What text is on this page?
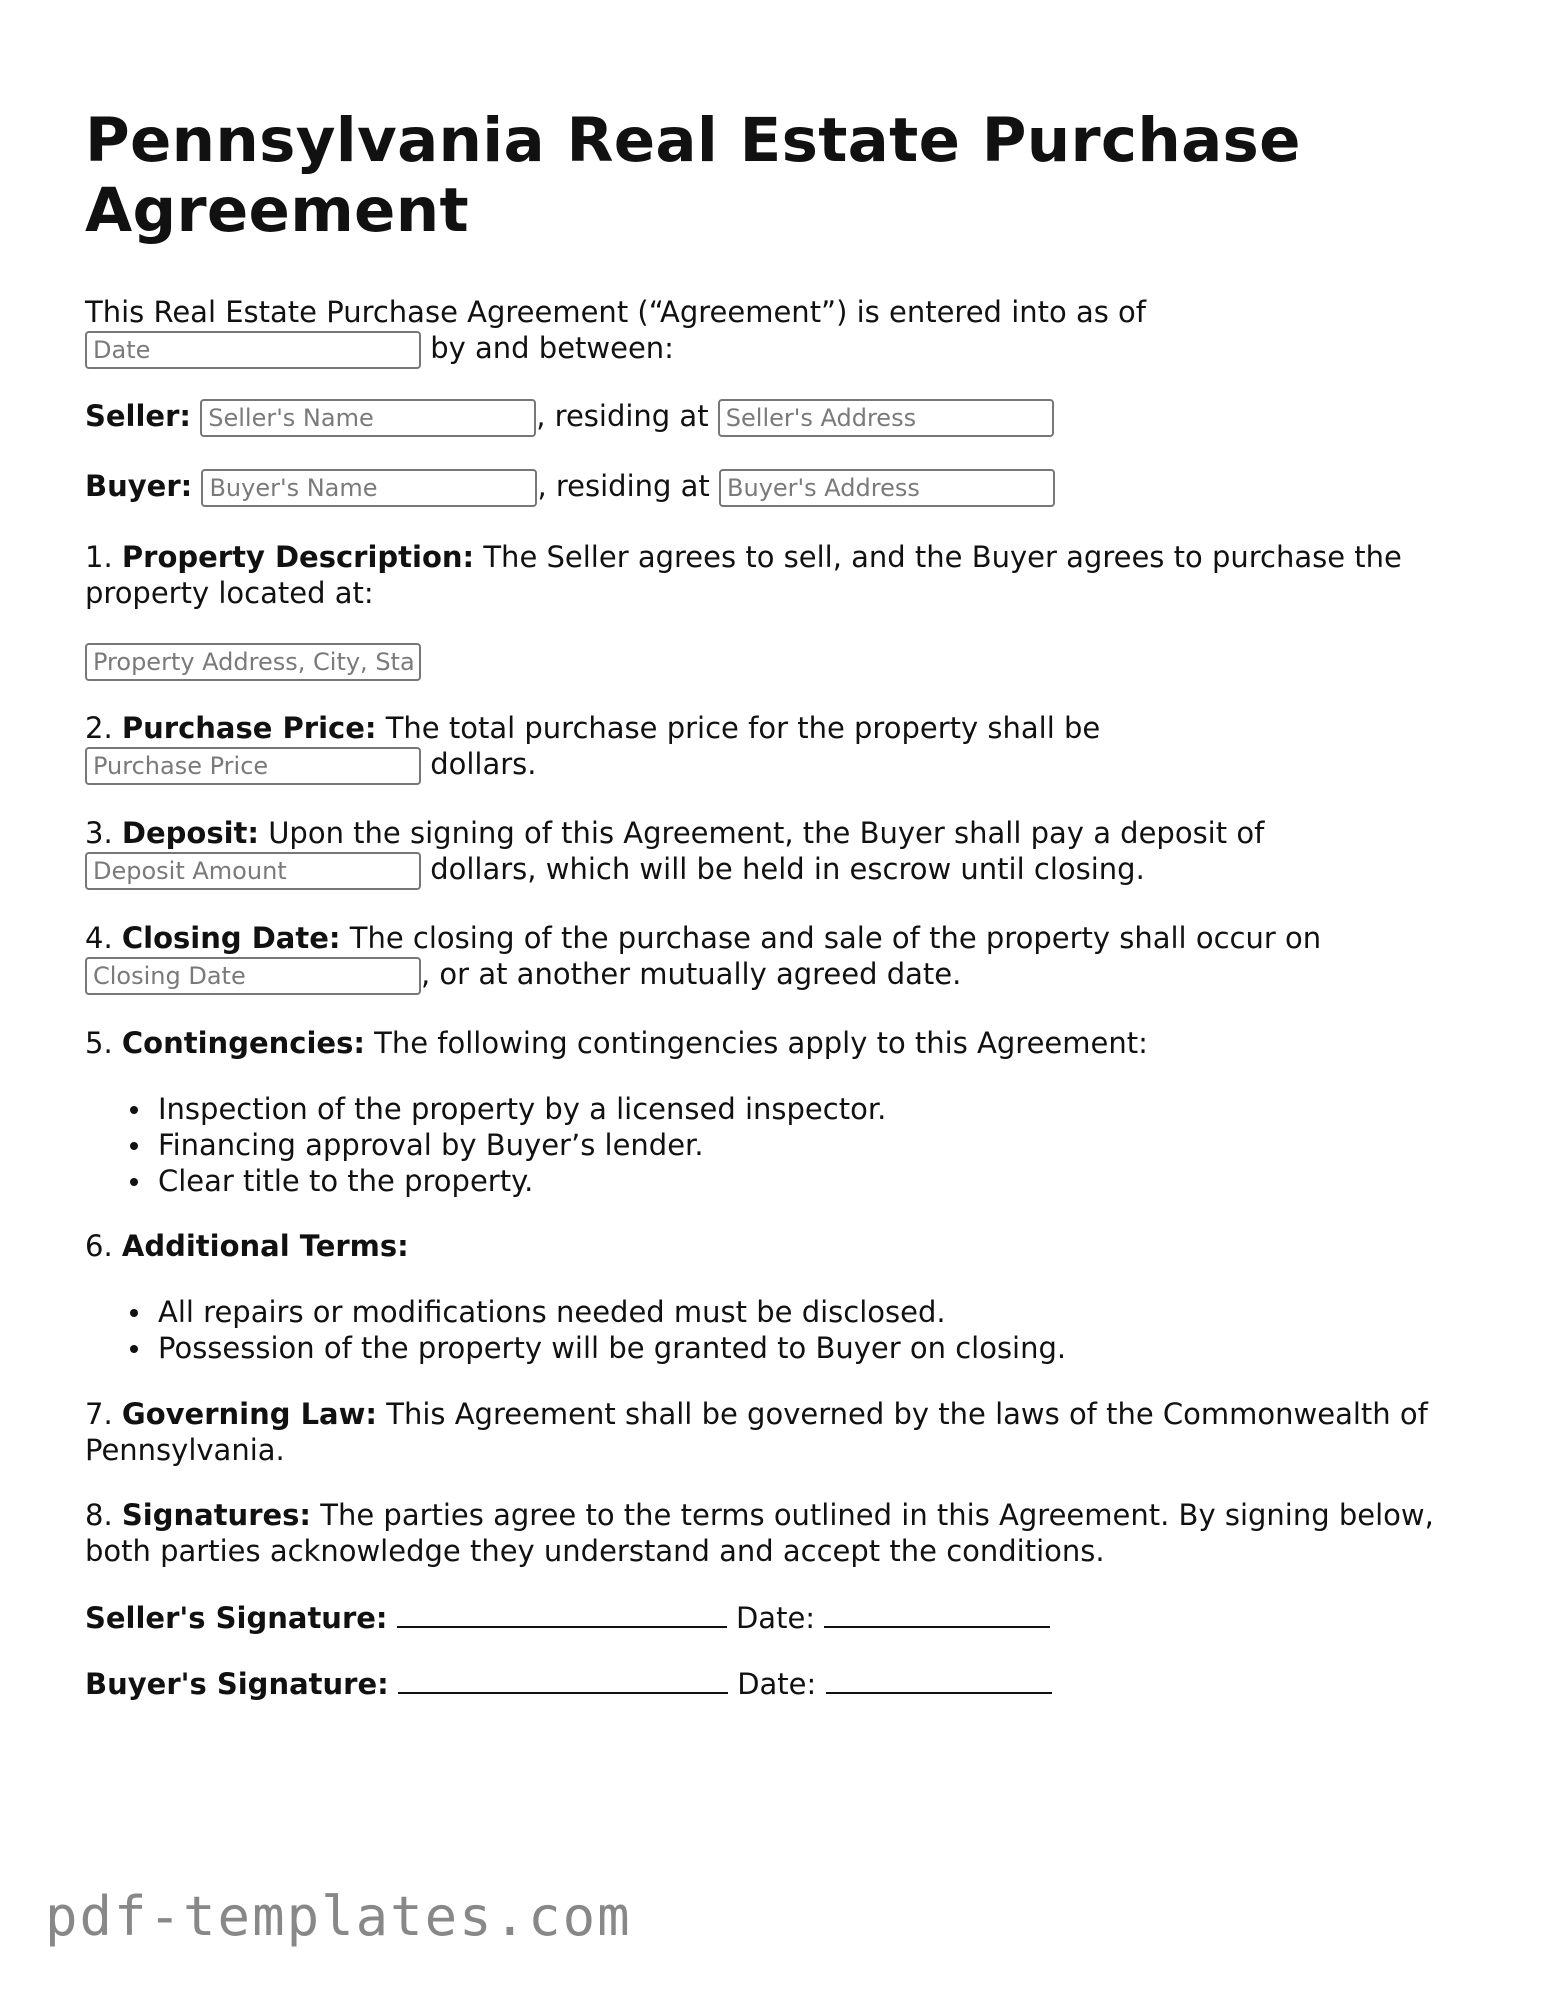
Pennsylvania Real Estate Purchase Agreement
This Real Estate Purchase Agreement (“Agreement”) is entered into as of
Date by and between:
Seller: Seller's Name	, residing at Seller's Address
Buyer: Buyer's Name	, residing at Buyer's Address
1. Property Description: The Seller agrees to sell, and the Buyer agrees to purchase the property located at:
Property Address, City, State, Zip
2. Purchase Price: The total purchase price for the property shall be
Purchase Price dollars.
3. Deposit: Upon the signing of this Agreement, the Buyer shall pay a deposit of
Deposit Amount dollars, which will be held in escrow until closing.
4. Closing Date: The closing of the purchase and sale of the property shall occur on
Closing Date, or at another mutually agreed date.
5. Contingencies: The following contingencies apply to this Agreement:
Inspection of the property by a licensed inspector.
Financing approval by Buyer’s lender.
Clear title to the property.
6. Additional Terms:
All repairs or modifications needed must be disclosed.
Possession of the property will be granted to Buyer on closing.
7. Governing Law: This Agreement shall be governed by the laws of the Commonwealth of Pennsylvania.
8. Signatures: The parties agree to the terms outlined in this Agreement. By signing below, both parties acknowledge they understand and accept the conditions.
Seller's Signature:	Date:
Buyer's Signature:	Date:
pdf-templates.com
